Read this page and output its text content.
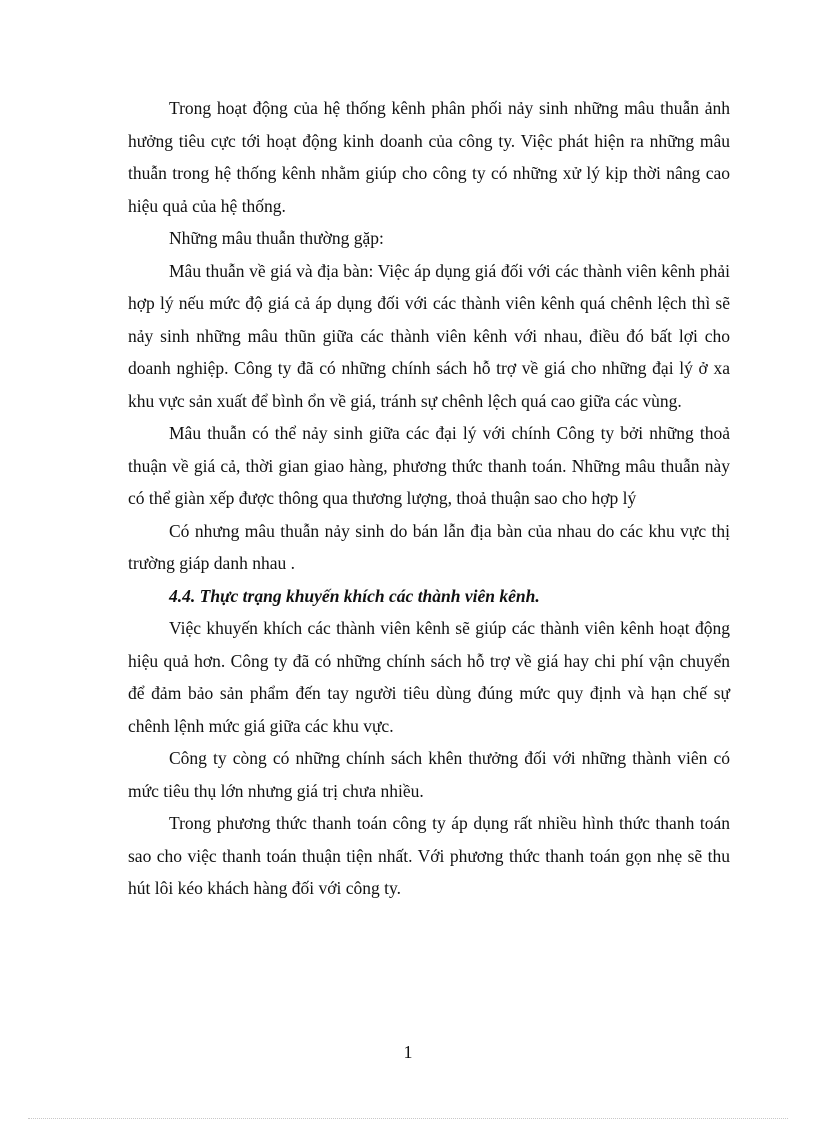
Trong hoạt động của hệ thống kênh phân phối nảy sinh những mâu thuẫn ảnh hưởng tiêu cực tới hoạt động kinh doanh của công ty. Việc phát hiện ra những mâu thuẫn trong hệ thống kênh nhằm giúp cho công ty có những xử lý kịp thời nâng cao hiệu quả của hệ thống.

Những mâu thuẫn thường gặp:

Mâu thuẫn về giá và địa bàn: Việc áp dụng giá đối với các thành viên kênh phải hợp lý nếu mức độ giá cả áp dụng đối với các thành viên kênh quá chênh lệch thì sẽ nảy sinh những mâu thũn giữa các thành viên kênh với nhau, điều đó bất lợi cho doanh nghiệp. Công ty đã có những chính sách hỗ trợ về giá cho những đại lý ở xa khu vực sản xuất để bình ổn về giá, tránh sự chênh lệch quá cao giữa các vùng.

Mâu thuẫn có thể nảy sinh giữa các đại lý với chính Công ty bởi những thoả thuận về giá cả, thời gian giao hàng, phương thức thanh toán. Những mâu thuẫn này có thể giàn xếp được thông qua thương lượng, thoả thuận sao cho hợp lý

Có nhưng mâu thuẫn nảy sinh do bán lẫn địa bàn của nhau do các khu vực thị trường giáp danh nhau .

4.4. Thực trạng khuyến khích các thành viên kênh.

Việc khuyến khích các thành viên kênh sẽ giúp các thành viên kênh hoạt động hiệu quả hơn. Công ty đã có những chính sách hỗ trợ về giá hay chi phí vận chuyển để đảm bảo sản phẩm đến tay người tiêu dùng đúng mức quy định và hạn chế sự chênh lệnh mức giá giữa các khu vực.

Công ty còng có những chính sách khên thưởng đối với những thành viên có mức tiêu thụ lớn nhưng giá trị chưa nhiều.

Trong phương thức thanh toán công ty áp dụng rất nhiều hình thức thanh toán sao cho việc thanh toán thuận tiện nhất. Với phương thức thanh toán gọn nhẹ sẽ thu hút lôi kéo khách hàng đối với công ty.

1
